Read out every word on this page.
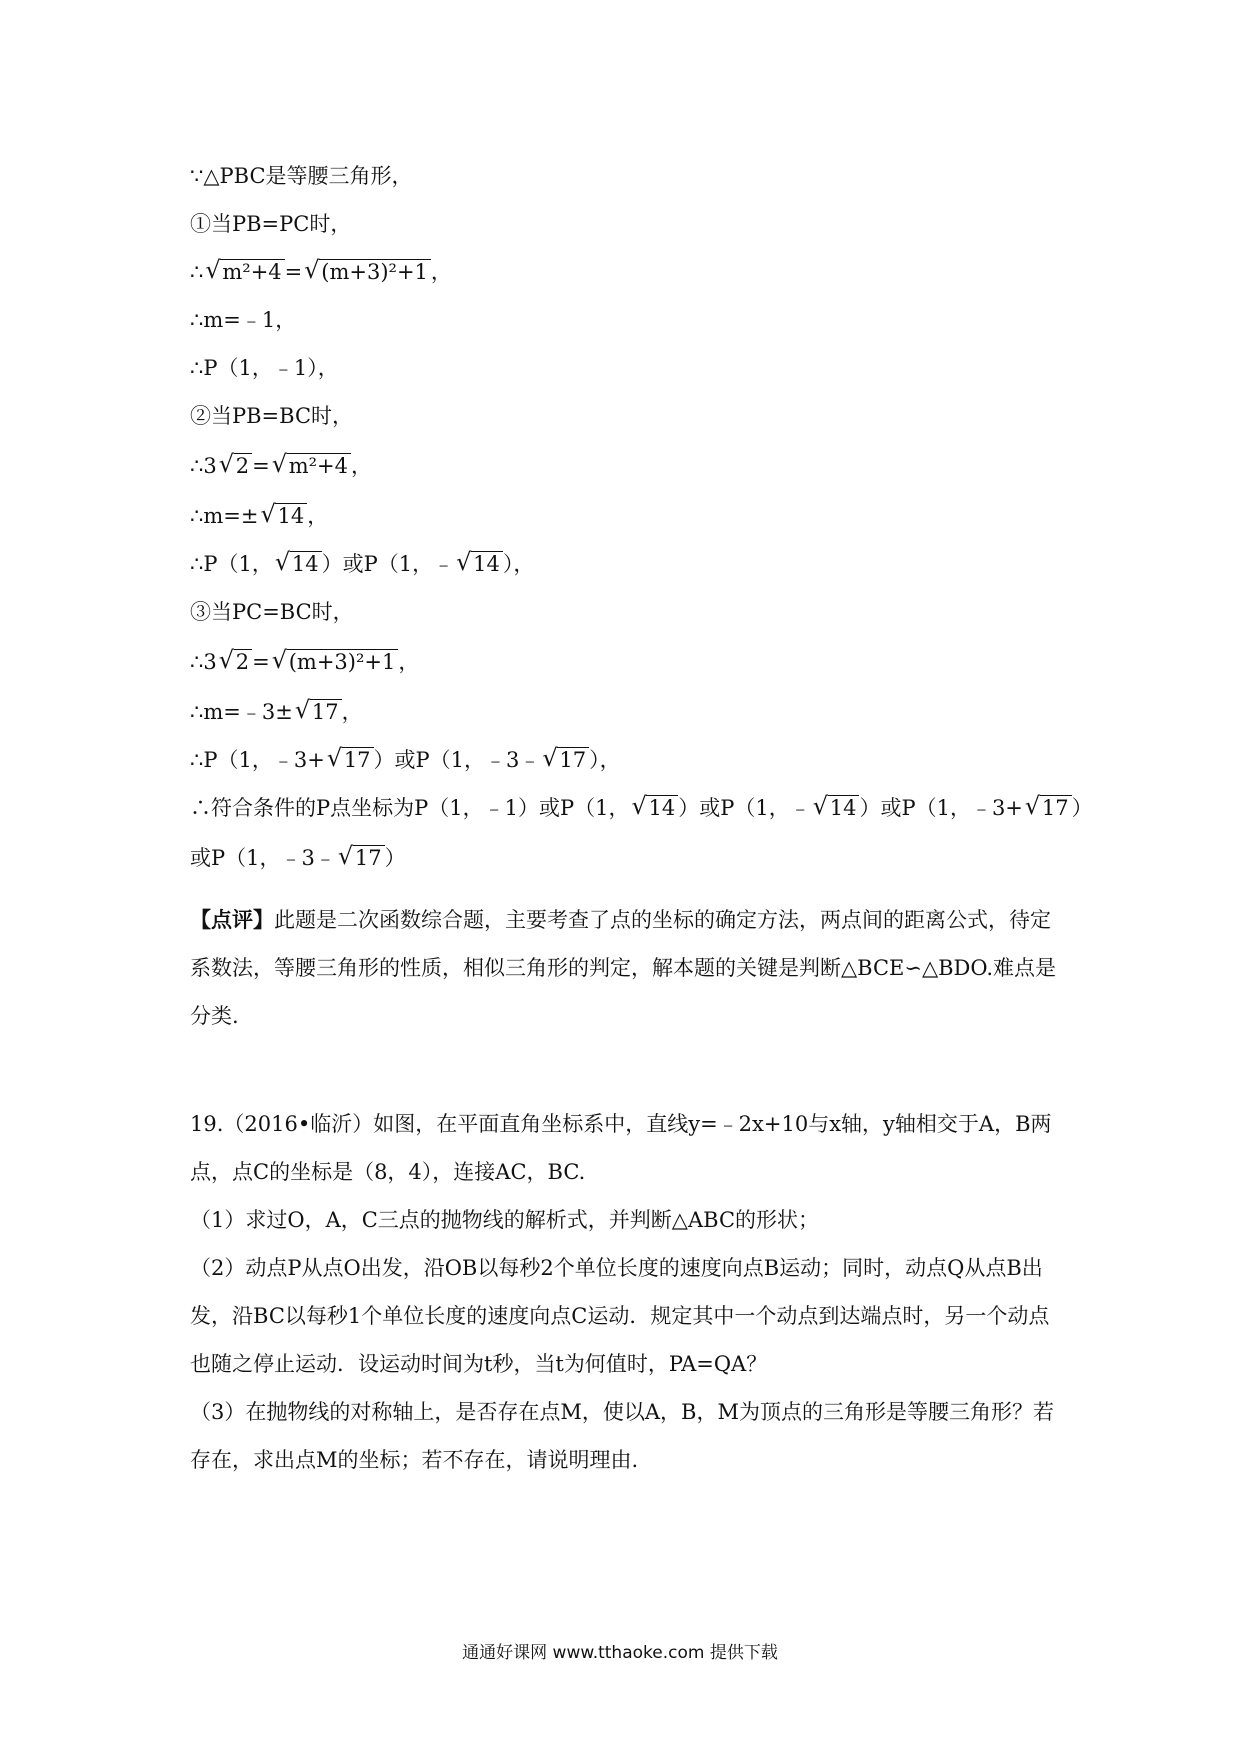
∵△PBC是等腰三角形，
①当PB=PC时，
∴ √ m²+4 = √ (m+3)²+1 ，
∴m=﹣1，
∴P（1，﹣1），
②当PB=BC时，
∴3 √ 2 = √ m²+4 ，
∴m=± √ 14 ，
∴P（1， √ 14 ）或P（1，﹣ √ 14 ），
③当PC=BC时，
∴3 √ 2 = √ (m+3)²+1 ，
∴m=﹣3± √ 17 ，
∴P（1，﹣3+ √ 17 ）或P（1，﹣3﹣ √ 17 ），
∴符合条件的P点坐标为P（1，﹣1）或P（1， √ 14 ）或P（1，﹣ √ 14 ）或P（1，﹣3+ √ 17 ）
或P（1，﹣3﹣ √ 17 ）
【点评】此题是二次函数综合题，主要考查了点的坐标的确定方法，两点间的距离公式，待定系数法，等腰三角形的性质，相似三角形的判定，解本题的关键是判断△BCE∽△BDO.难点是分类.
19.（2016•临沂）如图，在平面直角坐标系中，直线y=﹣2x+10与x轴，y轴相交于A，B两点，点C的坐标是（8，4），连接AC，BC.
（1）求过O，A，C三点的抛物线的解析式，并判断△ABC的形状；
（2）动点P从点O出发，沿OB以每秒2个单位长度的速度向点B运动；同时，动点Q从点B出发，沿BC以每秒1个单位长度的速度向点C运动．规定其中一个动点到达端点时，另一个动点也随之停止运动．设运动时间为t秒，当t为何值时，PA=QA？
（3）在抛物线的对称轴上，是否存在点M，使以A，B，M为顶点的三角形是等腰三角形？若存在，求出点M的坐标；若不存在，请说明理由.
通通好课网 www.tthaoke.com 提供下载
